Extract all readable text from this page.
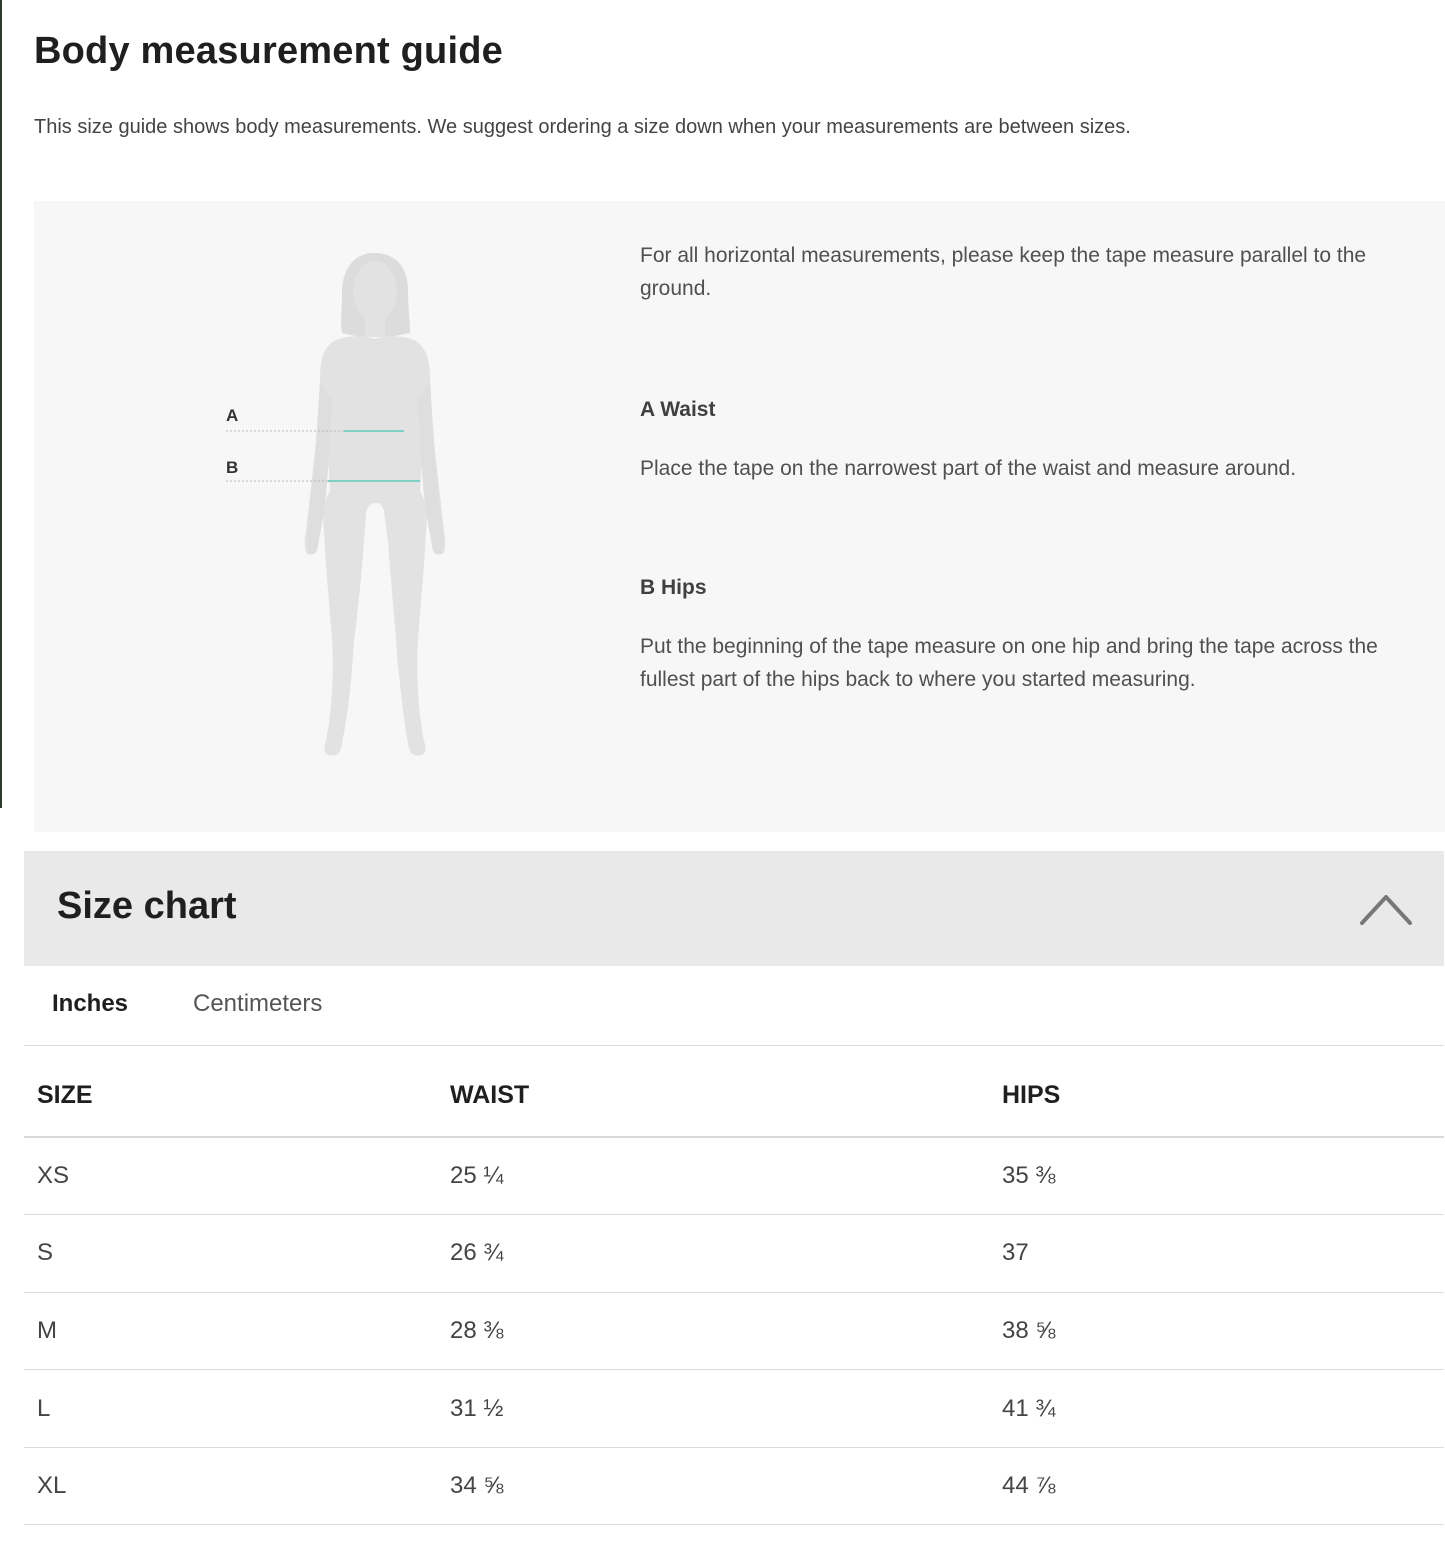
Body measurement guide

This size guide shows body measurements. We suggest ordering a size down when your measurements are between sizes.

A
B
For all horizontal measurements, please keep the tape measure parallel to the ground.
A Waist
Place the tape on the narrowest part of the waist and measure around.
B Hips
Put the beginning of the tape measure on one hip and bring the tape across the fullest part of the hips back to where you started measuring.
Size chart
Inches	Centimeters
SIZE	WAIST	HIPS
XS	25 ¼	35 ⅜
S	26 ¾	37
M	28 ⅜	38 ⅝
L	31 ½	41 ¾
XL	34 ⅝	44 ⅞
